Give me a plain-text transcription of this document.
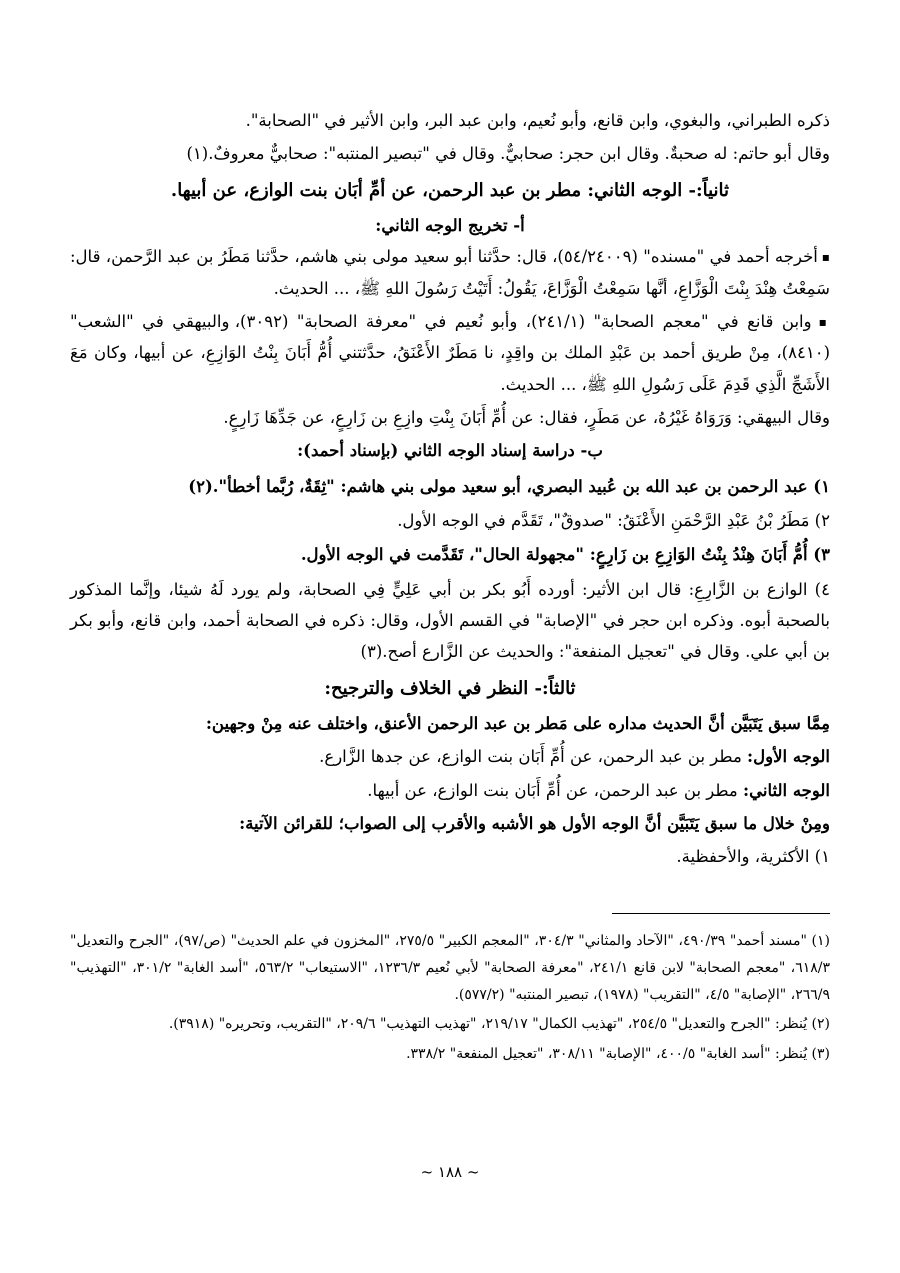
ذكره الطبراني، والبغوي، وابن قانع، وأبو نُعيم، وابن عبد البر، وابن الأثير في "الصحابة".

وقال أبو حاتم: له صحبةٌ. وقال ابن حجر: صحابيٌّ. وقال في "تبصير المنتبه": صحابيٌّ معروفٌ.(١)

ثانياً:- الوجه الثاني: مطر بن عبد الرحمن، عن أمِّ أبَان بنت الوازع، عن أبيها.

أ- تخريج الوجه الثاني:

▪ أخرجه أحمد في "مسنده" (٥٤/٢٤٠٠٩)، قال: حدَّثنا أبو سعيد مولى بني هاشم، حدَّثنا مَطَرُ بن عبد الرَّحمن، قال: سَمِعْتُ هِنْدَ بِنْتَ الْوَزَّاعِ، أنَّها سَمِعْتُ الْوَزَّاعَ، يَقُولُ: أَتَيْتُ رَسُولَ اللهِ ﷺ، ... الحديث.

▪ وابن قانع في "معجم الصحابة" (٢٤١/١)، وأبو نُعيم في "معرفة الصحابة" (٣٠٩٢)، والبيهقي في "الشعب" (٨٤١٠)، مِنْ طريق أحمد بن عَبْدِ الملك بن واقِدٍ، نا مَطَرٌ الأَعْنَقُ، حدَّثتني أُمُّ أَبَانَ بِنْتُ الوَازِعِ، عن أبيها، وكان مَعَ الأَشَجِّ الَّذِي قَدِمَ عَلَى رَسُولِ اللهِ ﷺ، ... الحديث.

وقال البيهقي: وَرَوَاهُ غَيْرُهُ، عن مَطَرٍ، فقال: عن أُمِّ أَبَانَ بِنْتِ وازِعِ بن زَارِعٍ، عن جَدِّهَا زَارِعٍ.

ب- دراسة إسناد الوجه الثاني (بإسناد أحمد):

١) عبد الرحمن بن عبد الله بن عُبيد البصري، أبو سعيد مولى بني هاشم: "ثِقَةٌ، رُبَّما أخطأ".(٢)

٢) مَطَرُ بْنُ عَبْدِ الرَّحْمَنِ الأَعْنَقُ: "صدوقٌ"، تَقَدَّم في الوجه الأول.

٣) أُمُّ أَبَانَ هِنْدُ بِنْتُ الوَازِعِ بن زَارِعٍ: "مجهولة الحال"، تَقَدَّمت في الوجه الأول.

٤) الوازع بن الزَّارِعِ: قال ابن الأثير: أورده أَبُو بكر بن أبي عَلِيٍّ فِي الصحابة، ولم يورد لَهُ شيئا، وإنَّما المذكور بالصحبة أبوه. وذكره ابن حجر في "الإصابة" في القسم الأول، وقال: ذكره في الصحابة أحمد، وابن قانع، وأبو بكر بن أبي علي. وقال في "تعجيل المنفعة": والحديث عن الزَّارع أصح.(٣)

ثالثاً:- النظر في الخلاف والترجيح:

مِمَّا سبق يَتَبَيَّن أنَّ الحديث مداره على مَطر بن عبد الرحمن الأعنق، واختلف عنه مِنْ وجهين:

الوجه الأول: مطر بن عبد الرحمن، عن أُمِّ أَبَان بنت الوازع، عن جدها الزَّارع.

الوجه الثاني: مطر بن عبد الرحمن، عن أُمِّ أَبَان بنت الوازع، عن أبيها.

ومِنْ خلال ما سبق يَتَبَيَّن أنَّ الوجه الأول هو الأشبه والأقرب إلى الصواب؛ للقرائن الآتية:

١) الأكثرية، والأحفظية.

(١) "مسند أحمد" ٤٩٠/٣٩، "الآحاد والمثاني" ٣٠٤/٣، "المعجم الكبير" ٢٧٥/٥، "المخزون في علم الحديث" (ص/٩٧)، "الجرح والتعديل" ٦١٨/٣، "معجم الصحابة" لابن قانع ٢٤١/١، "معرفة الصحابة" لأبي نُعيم ١٢٣٦/٣، "الاستيعاب" ٥٦٣/٢، "أسد الغابة" ٣٠١/٢، "التهذيب" ٢٦٦/٩، "الإصابة" ٤/٥، "التقريب" (١٩٧٨)، تبصير المنتبه" (٥٧٧/٢).

(٢) يُنظر: "الجرح والتعديل" ٢٥٤/٥، "تهذيب الكمال" ٢١٩/١٧، "تهذيب التهذيب" ٢٠٩/٦، "التقريب، وتحريره" (٣٩١٨).

(٣) يُنظر: "أسد الغابة" ٤٠٠/٥، "الإصابة" ٣٠٨/١١، "تعجيل المنفعة" ٣٣٨/٢.

~ ١٨٨ ~
